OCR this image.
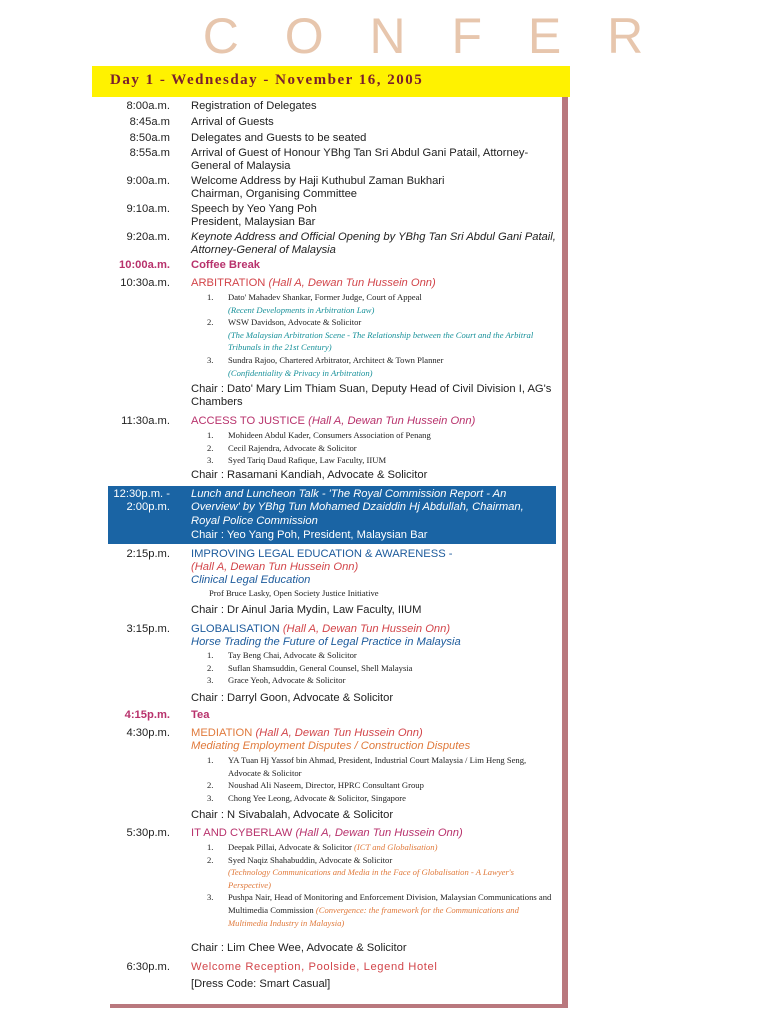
C O N F E R
Day 1 - Wednesday - November 16, 2005
8:00a.m. Registration of Delegates
8:45a.m Arrival of Guests
8:50a.m Delegates and Guests to be seated
8:55a.m Arrival of Guest of Honour YBhg Tan Sri Abdul Gani Patail, Attorney-General of Malaysia
9:00a.m. Welcome Address by Haji Kuthubul Zaman Bukhari Chairman, Organising Committee
9:10a.m. Speech by Yeo Yang Poh President, Malaysian Bar
9:20a.m. Keynote Address and Official Opening by YBhg Tan Sri Abdul Gani Patail, Attorney-General of Malaysia
10:00a.m. Coffee Break
10:30a.m. ARBITRATION (Hall A, Dewan Tun Hussein Onn)
1. Dato' Mahadev Shankar, Former Judge, Court of Appeal
(Recent Developments in Arbitration Law)
2. WSW Davidson, Advocate & Solicitor
(The Malaysian Arbitration Scene - The Relationship between the Court and the Arbitral Tribunals in the 21st Century)
3. Sundra Rajoo, Chartered Arbitrator, Architect & Town Planner
(Confidentiality & Privacy in Arbitration)
Chair : Dato' Mary Lim Thiam Suan, Deputy Head of Civil Division I, AG's Chambers
11:30a.m. ACCESS TO JUSTICE (Hall A, Dewan Tun Hussein Onn)
1. Mohideen Abdul Kader, Consumers Association of Penang
2. Cecil Rajendra, Advocate & Solicitor
3. Syed Tariq Daud Rafique, Law Faculty, IIUM
Chair : Rasamani Kandiah, Advocate & Solicitor
12:30p.m. - Lunch and Luncheon Talk - 'The Royal Commission Report - An Overview' by YBhg Tun Mohamed Dzaiddin Hj Abdullah, Chairman, Royal Police Commission
2:00p.m.
Chair : Yeo Yang Poh, President, Malaysian Bar
2:15p.m. IMPROVING LEGAL EDUCATION & AWARENESS -
(Hall A, Dewan Tun Hussein Onn)
Clinical Legal Education
Prof Bruce Lasky, Open Society Justice Initiative
Chair : Dr Ainul Jaria Mydin, Law Faculty, IIUM
3:15p.m. GLOBALISATION (Hall A, Dewan Tun Hussein Onn)
Horse Trading the Future of Legal Practice in Malaysia
1. Tay Beng Chai, Advocate & Solicitor
2. Suflan Shamsuddin, General Counsel, Shell Malaysia
3. Grace Yeoh, Advocate & Solicitor
Chair : Darryl Goon, Advocate & Solicitor
4:15p.m. Tea
4:30p.m. MEDIATION (Hall A, Dewan Tun Hussein Onn)
Mediating Employment Disputes / Construction Disputes
1. YA Tuan Hj Yassof bin Ahmad, President, Industrial Court Malaysia / Lim Heng Seng, Advocate & Solicitor
2. Noushad Ali Naseem, Director, HPRC Consultant Group
3. Chong Yee Leong, Advocate & Solicitor, Singapore
Chair : N Sivabalah, Advocate & Solicitor
5:30p.m. IT AND CYBERLAW (Hall A, Dewan Tun Hussein Onn)
1. Deepak Pillai, Advocate & Solicitor (ICT and Globalisation)
2. Syed Naqiz Shahabuddin, Advocate & Solicitor
(Technology Communications and Media in the Face of Globalisation - A Lawyer's Perspective)
3. Pushpa Nair, Head of Monitoring and Enforcement Division, Malaysian Communications and Multimedia Commission (Convergence: the framework for the Communications and Multimedia Industry in Malaysia)
Chair : Lim Chee Wee, Advocate & Solicitor
6:30p.m. Welcome Reception, Poolside, Legend Hotel
[Dress Code: Smart Casual]
